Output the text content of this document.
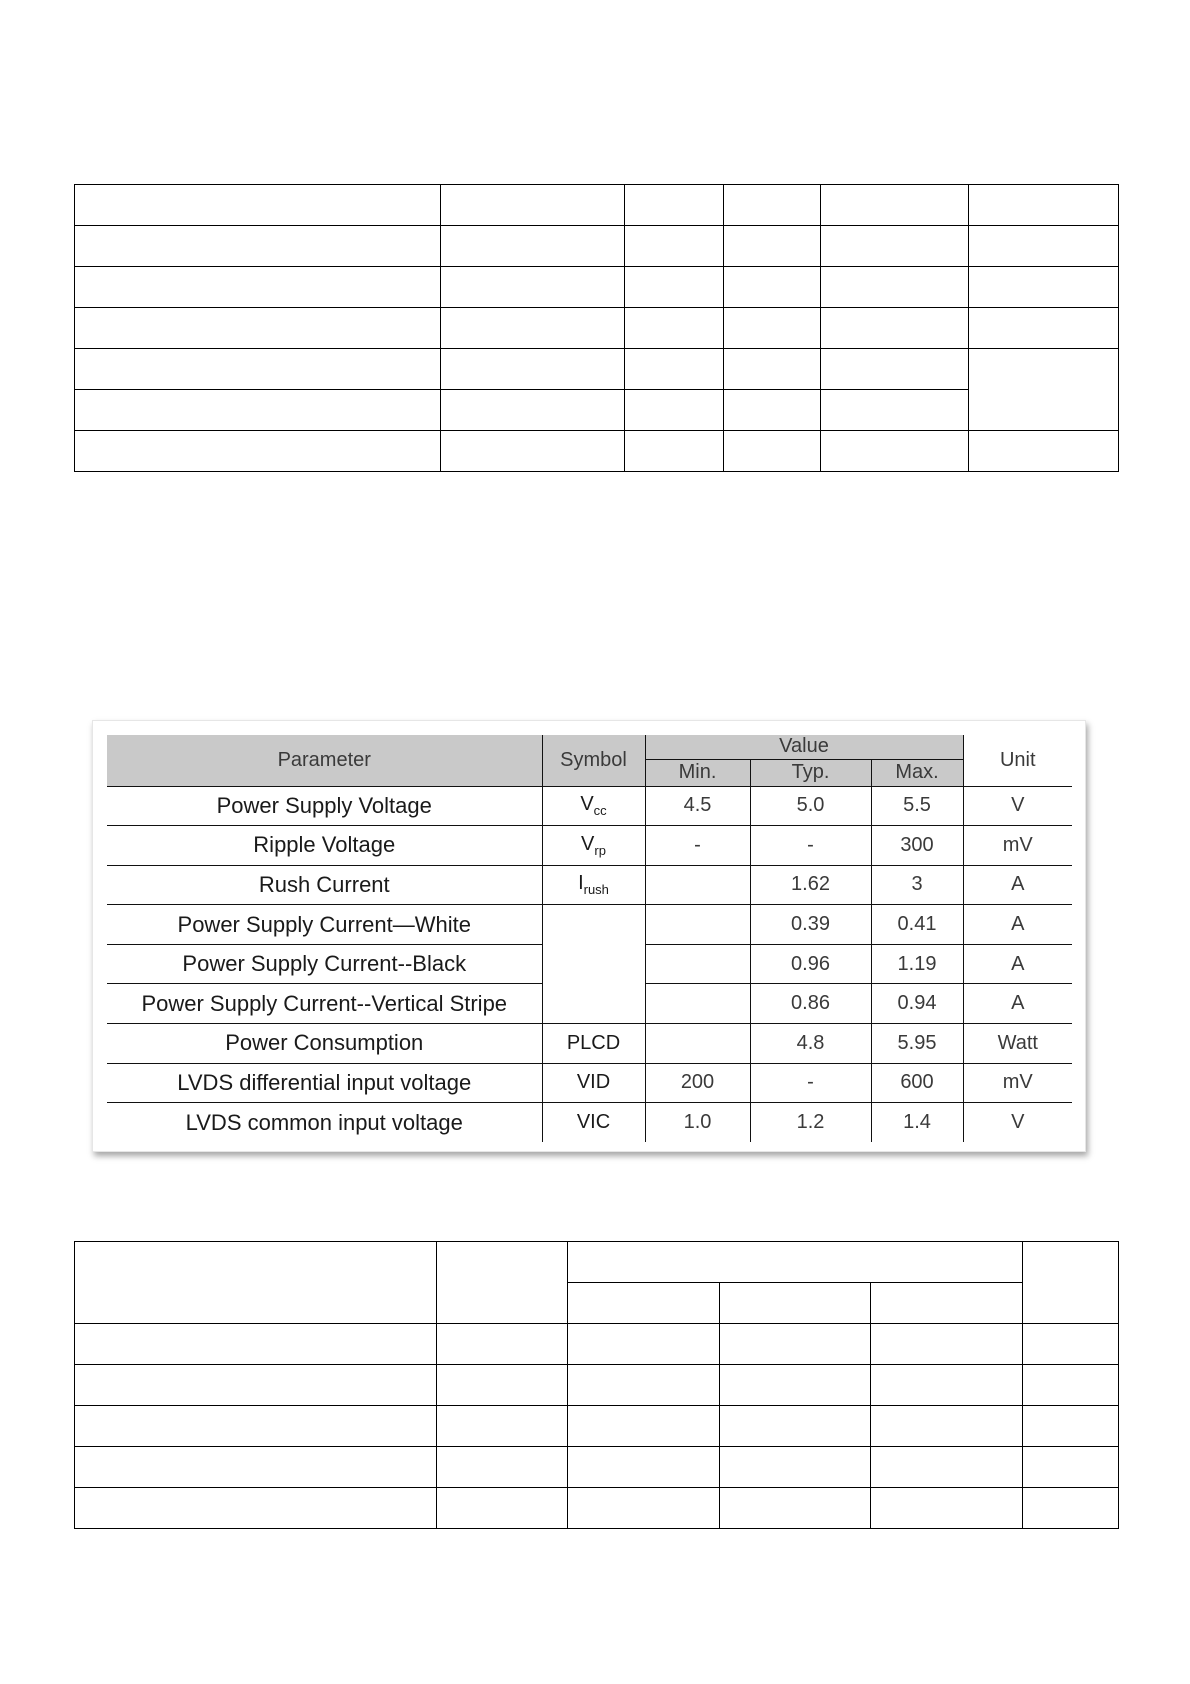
Parameter	Symbol	Value			Unit
		Min.	Typ.	Max.	
Power Supply Voltage	$V_{cc}$	4.5	5.0	5.5	V
Ripple Voltage	$V_{rp}$	-	-	300	mV
Rush Current	$I_{rush}$		1.62	3	A
Power Supply Current—White			0.39	0.41	A
Power Supply Current--Black			0.96	1.19	A
Power Supply Current--Vertical Stripe			0.86	0.94	A
Power Consumption	PLCD		4.8	5.95	Watt
LVDS differential input voltage	VID	200	-	600	mV
LVDS common input voltage	VIC	1.0	1.2	1.4	V
